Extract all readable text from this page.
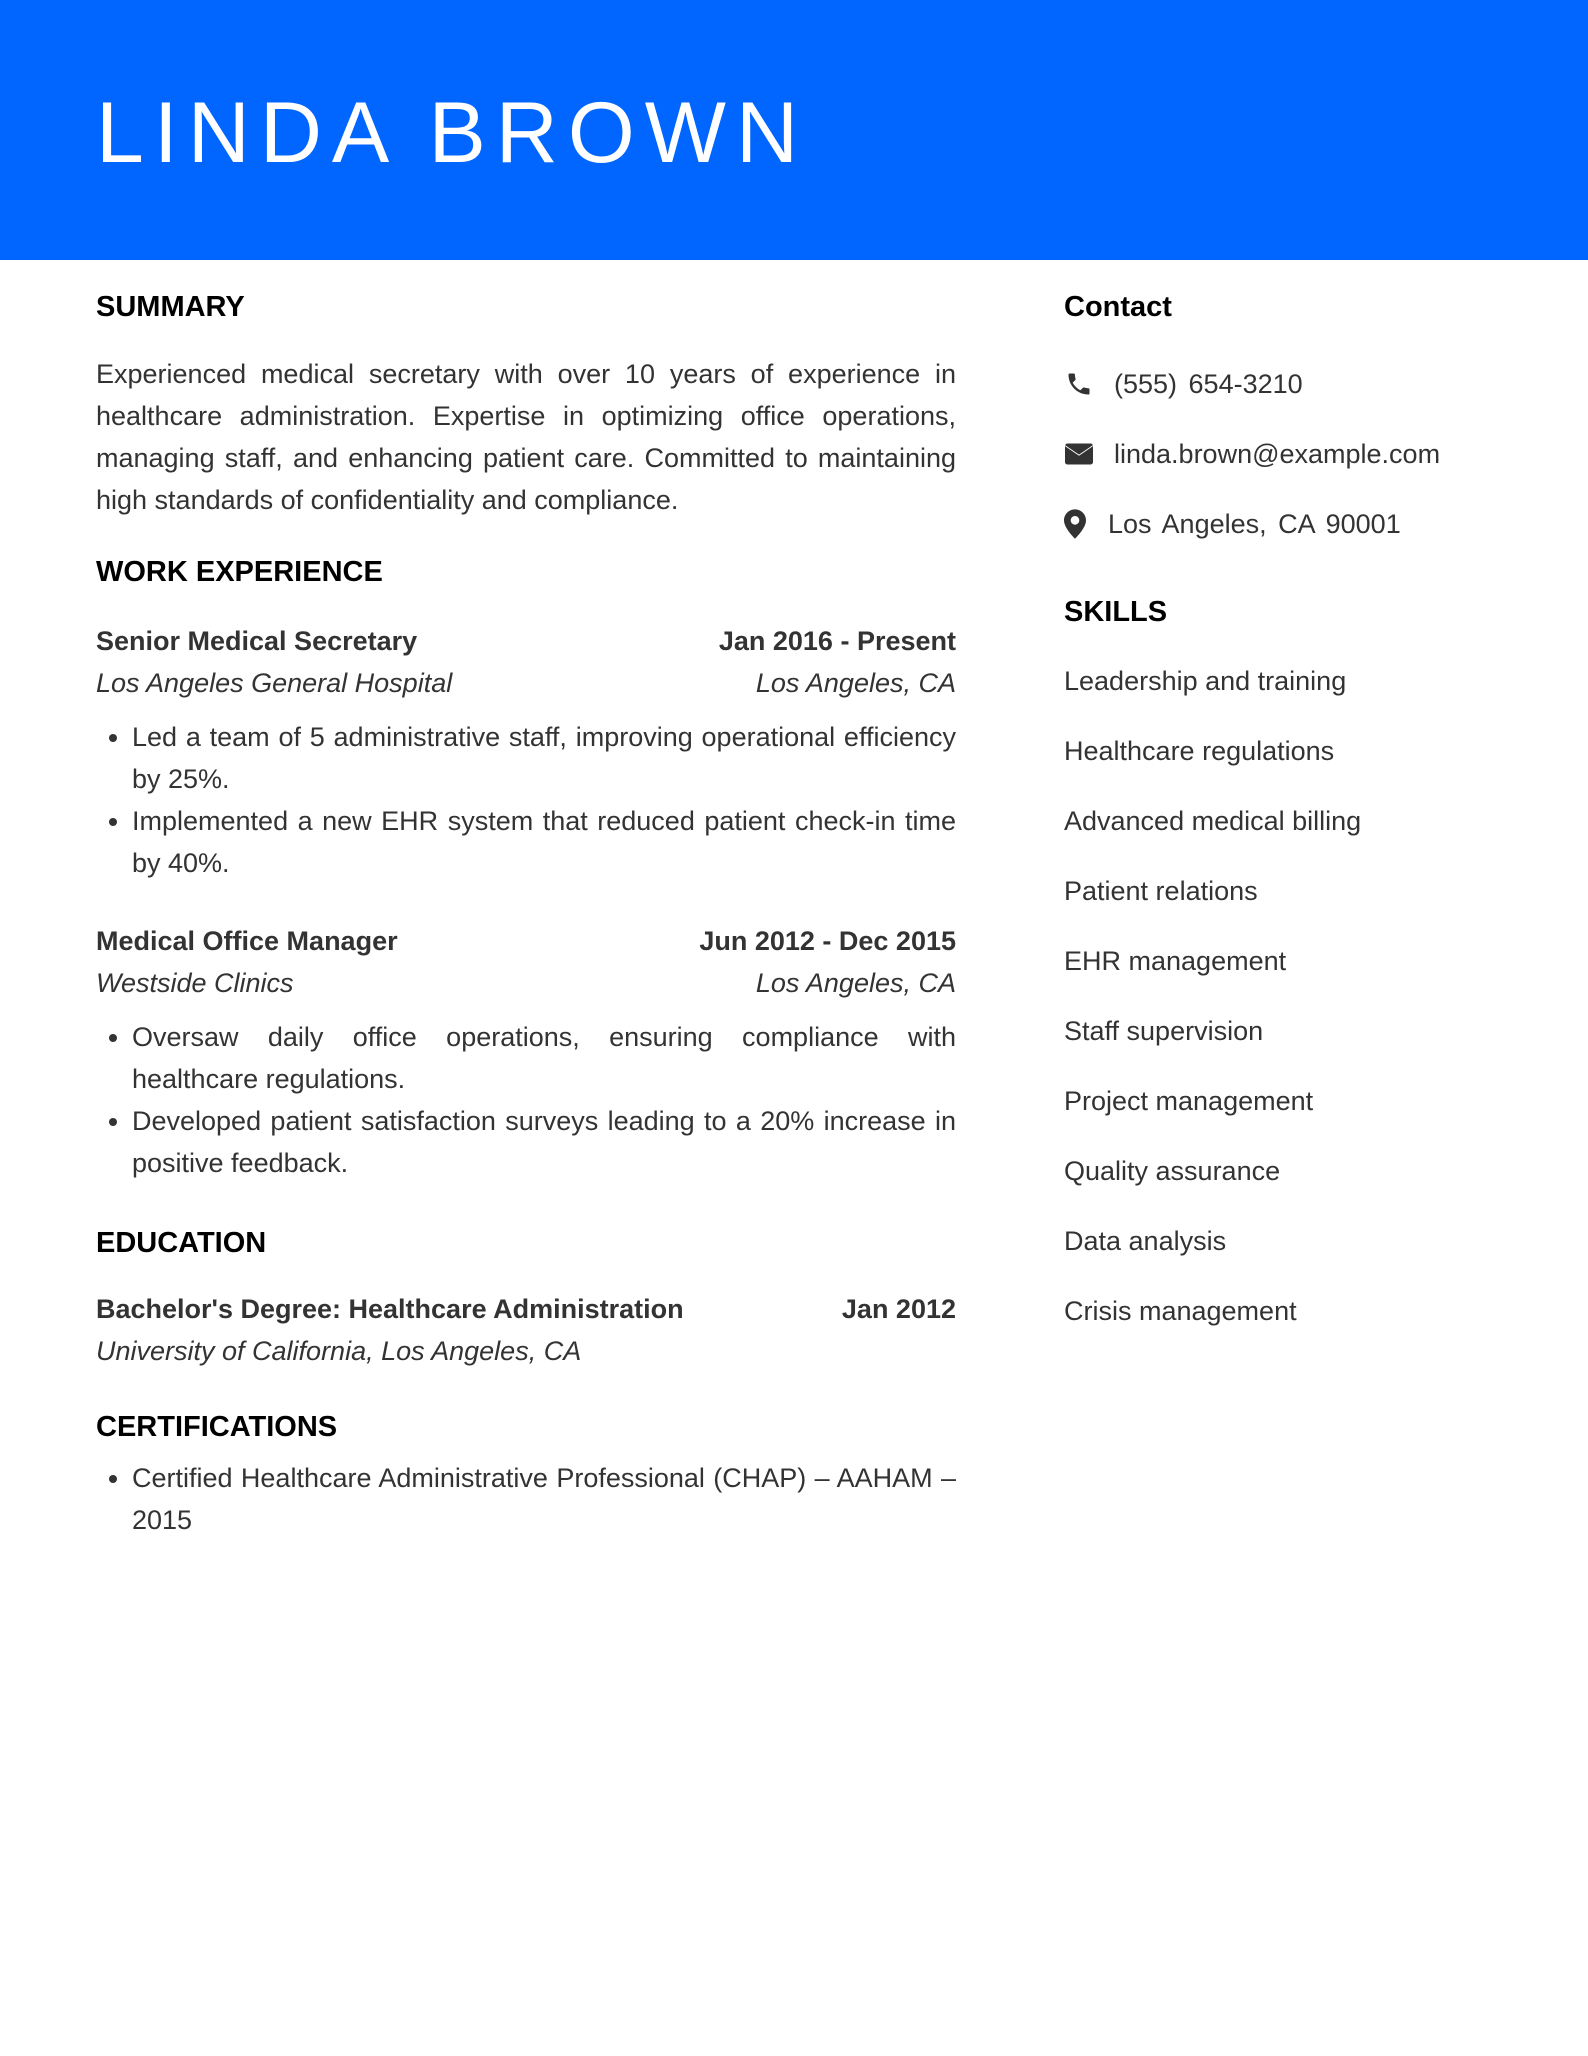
LINDA BROWN
SUMMARY

Experienced medical secretary with over 10 years of experience in healthcare administration. Expertise in optimizing office operations, managing staff, and enhancing patient care. Committed to maintaining high standards of confidentiality and compliance.

WORK EXPERIENCE
Senior Medical Secretary	Jan 2016 - Present
Los Angeles General Hospital	Los Angeles, CA
• Led a team of 5 administrative staff, improving operational efficiency by 25%.
• Implemented a new EHR system that reduced patient check-in time by 40%.
Medical Office Manager	Jun 2012 - Dec 2015
Westside Clinics	Los Angeles, CA
• Oversaw daily office operations, ensuring compliance with healthcare regulations.
• Developed patient satisfaction surveys leading to a 20% increase in positive feedback.
EDUCATION
Bachelor's Degree: Healthcare Administration	Jan 2012
University of California, Los Angeles, CA
CERTIFICATIONS
• Certified Healthcare Administrative Professional (CHAP) – AAHAM – 2015
Contact
(555) 654-3210
linda.brown@example.com
Los Angeles, CA 90001
SKILLS
Leadership and training
Healthcare regulations
Advanced medical billing
Patient relations
EHR management
Staff supervision
Project management
Quality assurance
Data analysis
Crisis management
